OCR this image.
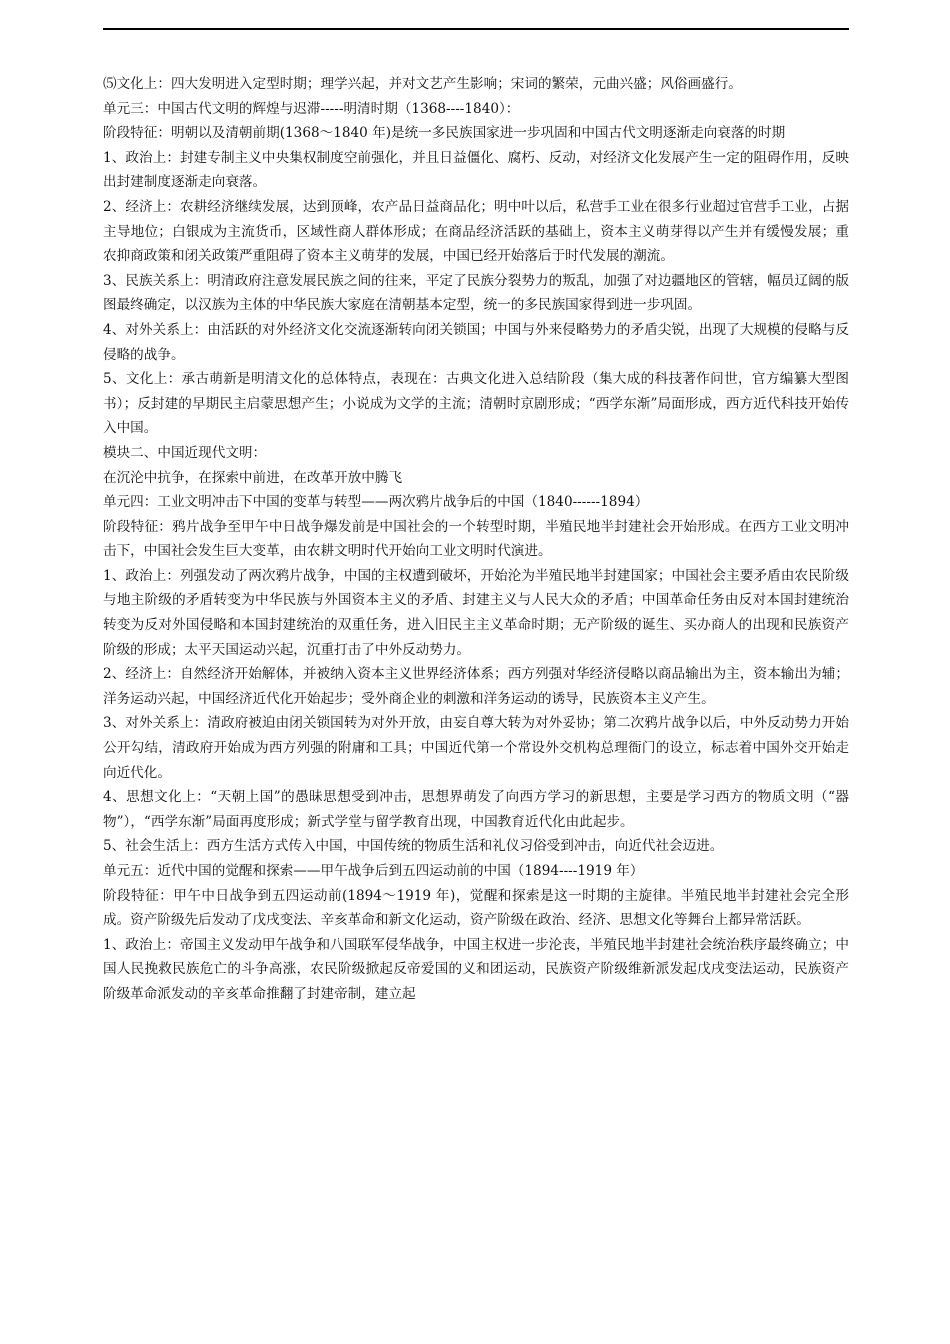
⑸文化上：四大发明进入定型时期；理学兴起，并对文艺产生影响；宋词的繁荣，元曲兴盛；风俗画盛行。

单元三：中国古代文明的辉煌与迟滞-----明清时期（1368----1840）：

阶段特征：明朝以及清朝前期(1368～1840 年)是统一多民族国家进一步巩固和中国古代文明逐渐走向衰落的时期

1、政治上：封建专制主义中央集权制度空前强化，并且日益僵化、腐朽、反动，对经济文化发展产生一定的阻碍作用，反映出封建制度逐渐走向衰落。

2、经济上：农耕经济继续发展，达到顶峰，农产品日益商品化；明中叶以后，私营手工业在很多行业超过官营手工业，占据主导地位；白银成为主流货币，区域性商人群体形成；在商品经济活跃的基础上，资本主义萌芽得以产生并有缓慢发展；重农抑商政策和闭关政策严重阻碍了资本主义萌芽的发展，中国已经开始落后于时代发展的潮流。

3、民族关系上：明清政府注意发展民族之间的往来，平定了民族分裂势力的叛乱，加强了对边疆地区的管辖，幅员辽阔的版图最终确定，以汉族为主体的中华民族大家庭在清朝基本定型，统一的多民族国家得到进一步巩固。

4、对外关系上：由活跃的对外经济文化交流逐渐转向闭关锁国；中国与外来侵略势力的矛盾尖锐，出现了大规模的侵略与反侵略的战争。

5、文化上：承古萌新是明清文化的总体特点，表现在：古典文化进入总结阶段（集大成的科技著作问世，官方编纂大型图书）；反封建的早期民主启蒙思想产生；小说成为文学的主流；清朝时京剧形成；“西学东渐”局面形成，西方近代科技开始传入中国。

模块二、中国近现代文明：

在沉沦中抗争，在探索中前进，在改革开放中腾飞

单元四：工业文明冲击下中国的变革与转型——两次鸦片战争后的中国（1840------1894）

阶段特征：鸦片战争至甲午中日战争爆发前是中国社会的一个转型时期，半殖民地半封建社会开始形成。在西方工业文明冲击下，中国社会发生巨大变革，由农耕文明时代开始向工业文明时代演进。

1、政治上：列强发动了两次鸦片战争，中国的主权遭到破坏，开始沦为半殖民地半封建国家；中国社会主要矛盾由农民阶级与地主阶级的矛盾转变为中华民族与外国资本主义的矛盾、封建主义与人民大众的矛盾；中国革命任务由反对本国封建统治转变为反对外国侵略和本国封建统治的双重任务，进入旧民主主义革命时期；无产阶级的诞生、买办商人的出现和民族资产阶级的形成；太平天国运动兴起，沉重打击了中外反动势力。

2、经济上：自然经济开始解体，并被纳入资本主义世界经济体系；西方列强对华经济侵略以商品输出为主，资本输出为辅；洋务运动兴起，中国经济近代化开始起步；受外商企业的刺激和洋务运动的诱导，民族资本主义产生。

3、对外关系上：清政府被迫由闭关锁国转为对外开放，由妄自尊大转为对外妥协；第二次鸦片战争以后，中外反动势力开始公开勾结，清政府开始成为西方列强的附庸和工具；中国近代第一个常设外交机构总理衙门的设立，标志着中国外交开始走向近代化。

4、思想文化上：“天朝上国”的愚昧思想受到冲击，思想界萌发了向西方学习的新思想，主要是学习西方的物质文明（“器物”），“西学东渐”局面再度形成；新式学堂与留学教育出现，中国教育近代化由此起步。

5、社会生活上：西方生活方式传入中国，中国传统的物质生活和礼仪习俗受到冲击，向近代社会迈进。

单元五：近代中国的觉醒和探索——甲午战争后到五四运动前的中国（1894----1919 年）

阶段特征：甲午中日战争到五四运动前(1894～1919 年)，觉醒和探索是这一时期的主旋律。半殖民地半封建社会完全形成。资产阶级先后发动了戊戌变法、辛亥革命和新文化运动，资产阶级在政治、经济、思想文化等舞台上都异常活跃。

1、政治上：帝国主义发动甲午战争和八国联军侵华战争，中国主权进一步沦丧，半殖民地半封建社会统治秩序最终确立；中国人民挽救民族危亡的斗争高涨，农民阶级掀起反帝爱国的义和团运动，民族资产阶级维新派发起戊戌变法运动，民族资产阶级革命派发动的辛亥革命推翻了封建帝制，建立起
